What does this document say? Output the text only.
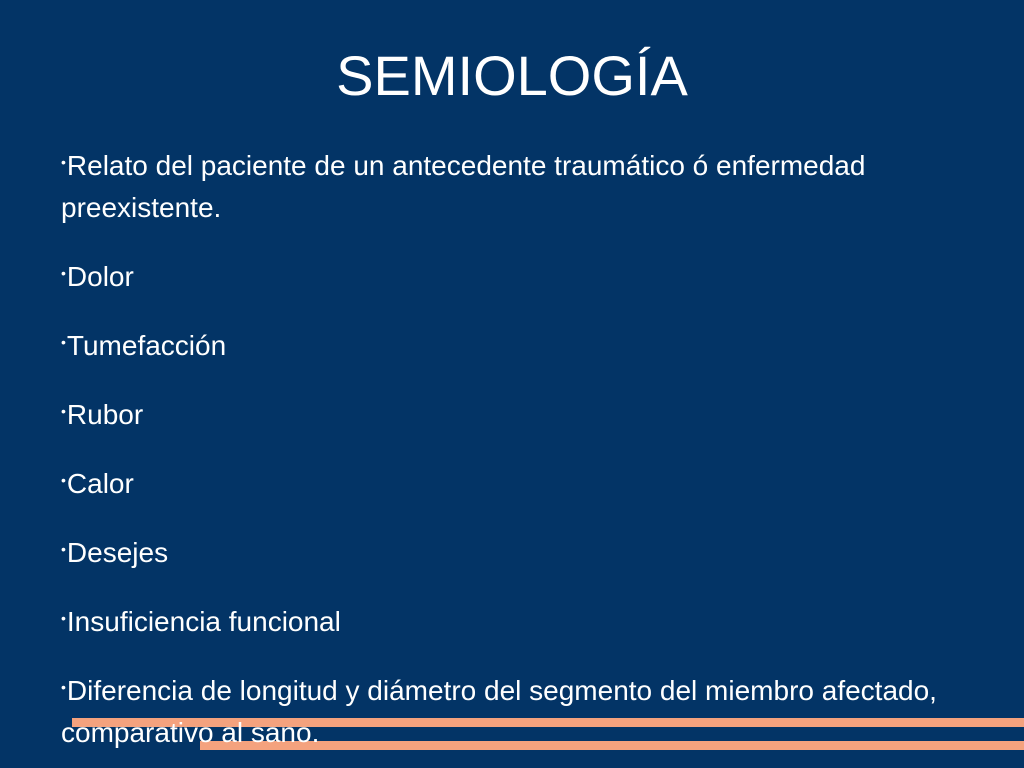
SEMIOLOGÍA
•Relato del paciente de un antecedente traumático ó enfermedad preexistente.
•Dolor
•Tumefacción
•Rubor
•Calor
•Desejes
•Insuficiencia funcional
•Diferencia de longitud y diámetro del segmento del miembro afectado, comparativo al sano.
